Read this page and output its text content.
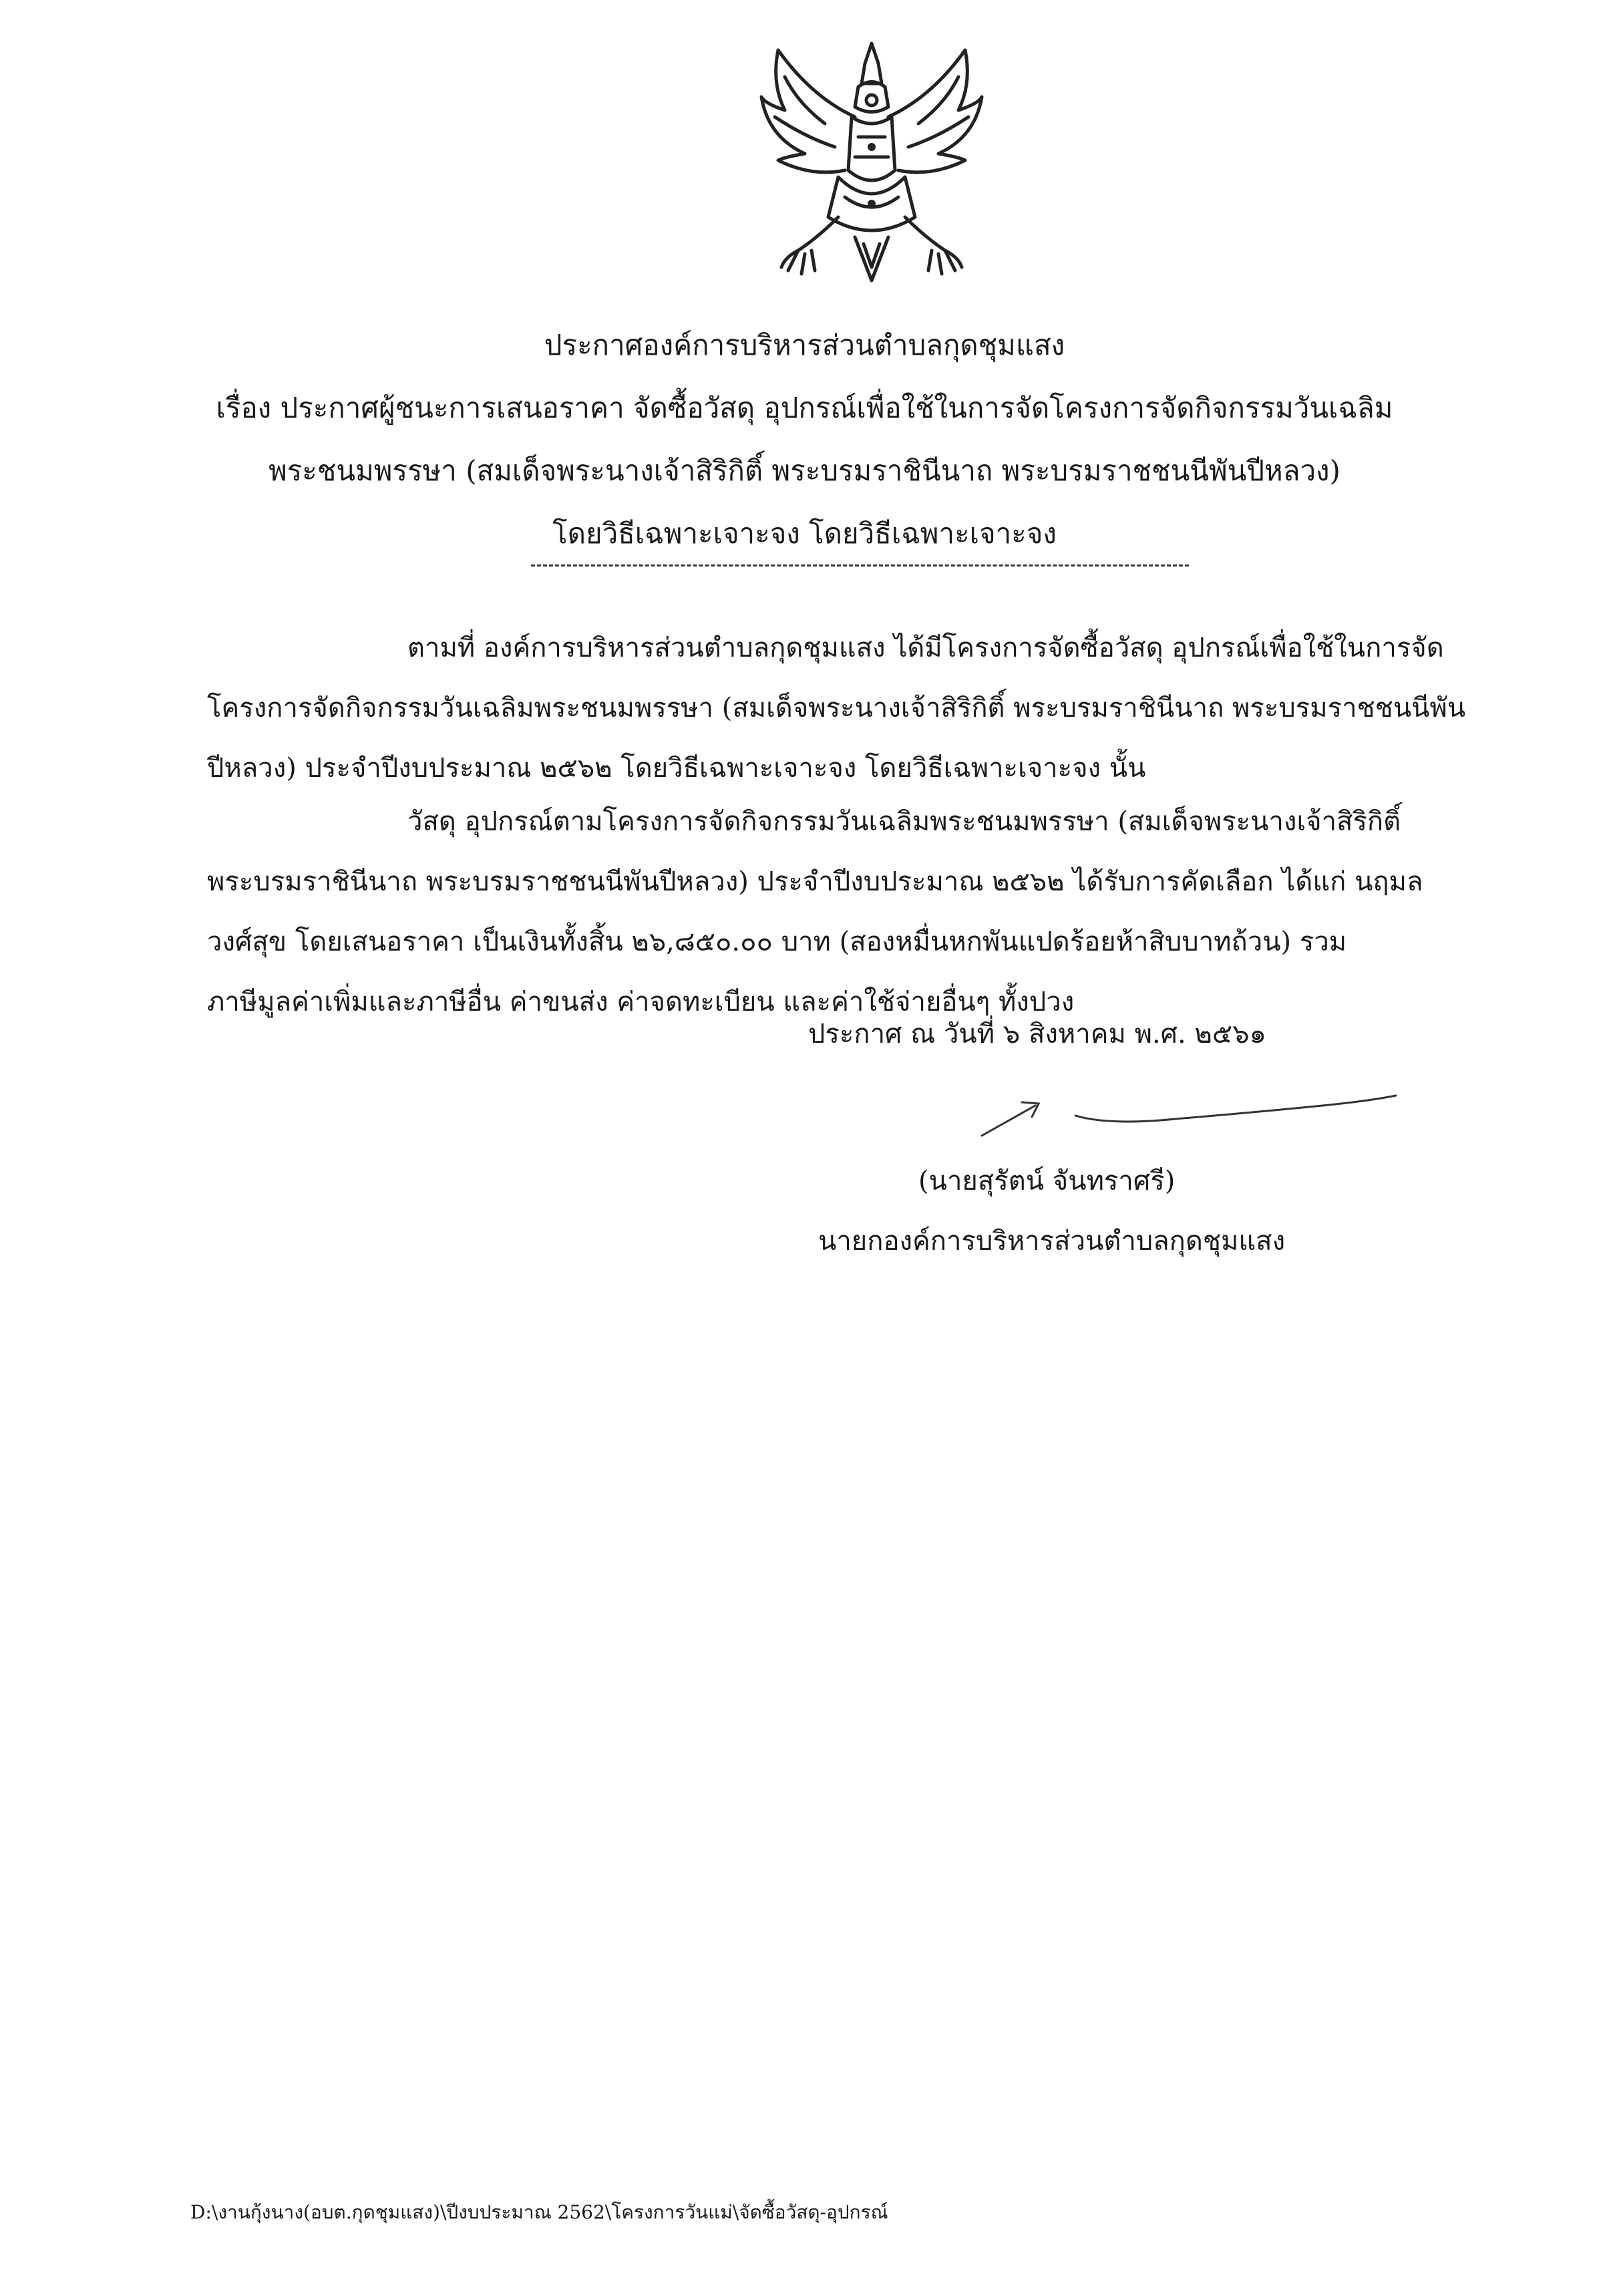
ประกาศองค์การบริหารส่วนตำบลกุดชุมแสง
เรื่อง ประกาศผู้ชนะการเสนอราคา จัดซื้อวัสดุ อุปกรณ์เพื่อใช้ในการจัดโครงการจัดกิจกรรมวันเฉลิม
พระชนมพรรษา (สมเด็จพระนางเจ้าสิริกิติ์ พระบรมราชินีนาถ พระบรมราชชนนีพันปีหลวง)
โดยวิธีเฉพาะเจาะจง โดยวิธีเฉพาะเจาะจง
ตามที่ องค์การบริหารส่วนตำบลกุดชุมแสง ได้มีโครงการจัดซื้อวัสดุ อุปกรณ์เพื่อใช้ในการจัด
โครงการจัดกิจกรรมวันเฉลิมพระชนมพรรษา (สมเด็จพระนางเจ้าสิริกิติ์ พระบรมราชินีนาถ พระบรมราชชนนีพัน
ปีหลวง) ประจำปีงบประมาณ ๒๕๖๒ โดยวิธีเฉพาะเจาะจง โดยวิธีเฉพาะเจาะจง นั้น
วัสดุ อุปกรณ์ตามโครงการจัดกิจกรรมวันเฉลิมพระชนมพรรษา (สมเด็จพระนางเจ้าสิริกิติ์
พระบรมราชินีนาถ พระบรมราชชนนีพันปีหลวง) ประจำปีงบประมาณ ๒๕๖๒ ได้รับการคัดเลือก ได้แก่ นฤมล
วงศ์สุข โดยเสนอราคา เป็นเงินทั้งสิ้น ๒๖,๘๕๐.๐๐ บาท (สองหมื่นหกพันแปดร้อยห้าสิบบาทถ้วน) รวม
ภาษีมูลค่าเพิ่มและภาษีอื่น ค่าขนส่ง ค่าจดทะเบียน และค่าใช้จ่ายอื่นๆ ทั้งปวง
ประกาศ ณ วันที่ ๖ สิงหาคม พ.ศ. ๒๕๖๑
(นายสุรัตน์ จันทราศรี)
นายกองค์การบริหารส่วนตำบลกุดชุมแสง
D:\งานกุ้งนาง(อบต.กุดชุมแสง)\ปีงบประมาณ 2562\โครงการวันแม่\จัดซื้อวัสดุ-อุปกรณ์
